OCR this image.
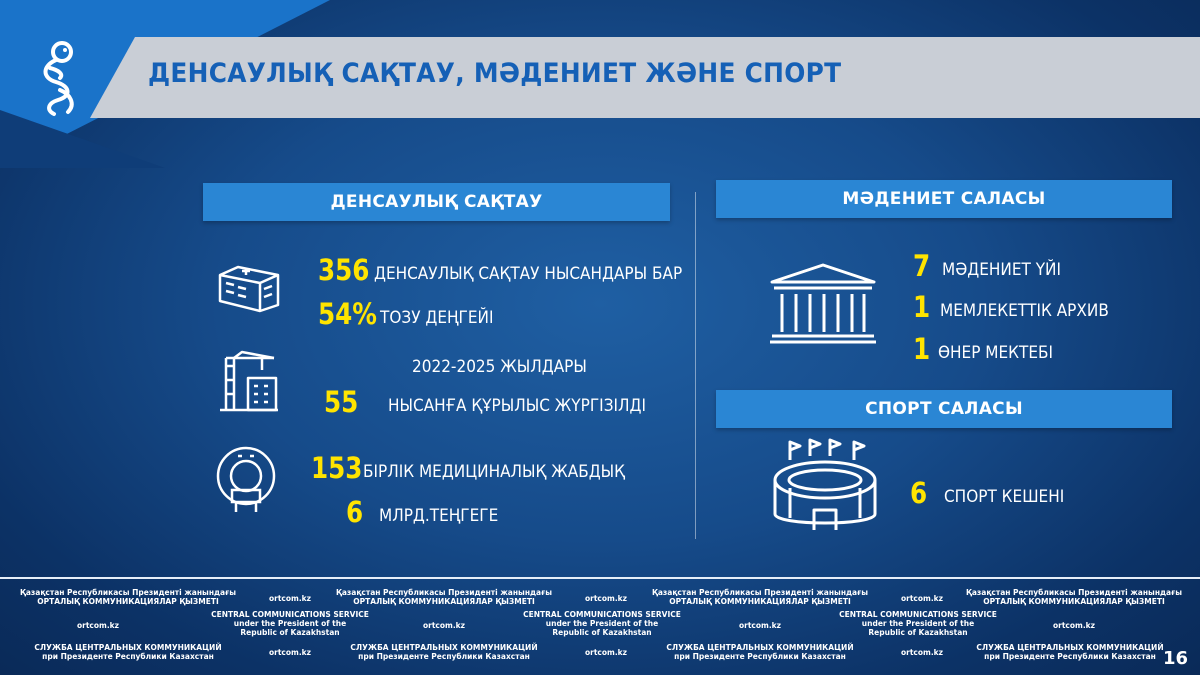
ДЕНСАУЛЫҚ САҚТАУ, МӘДЕНИЕТ ЖӘНЕ СПОРТ
ДЕНСАУЛЫҚ САҚТАУ	МӘДЕНИЕТ САЛАСЫ
СПОРТ САЛАСЫ
356 ДЕНСАУЛЫҚ САҚТАУ НЫСАНДАРЫ БАР
54% ТОЗУ ДЕҢГЕЙІ
2022-2025 ЖЫЛДАРЫ
55 НЫСАНҒА ҚҰРЫЛЫС ЖҮРГІЗІЛДІ
153 БІРЛІК МЕДИЦИНАЛЫҚ ЖАБДЫҚ
6 МЛРД.ТЕҢГЕГЕ
7 МӘДЕНИЕТ ҮЙІ
1 МЕМЛЕКЕТТІК АРХИВ
1 ӨНЕР МЕКТЕБІ
6 СПОРТ КЕШЕНІ
Қазақстан Республикасы Президенті жанындағы
ОРТАЛЫҚ КОММУНИКАЦИЯЛАР ҚЫЗМЕТІ
Қазақстан Республикасы Президенті жанындағы
ОРТАЛЫҚ КОММУНИКАЦИЯЛАР ҚЫЗМЕТІ
Қазақстан Республикасы Президенті жанындағы
ОРТАЛЫҚ КОММУНИКАЦИЯЛАР ҚЫЗМЕТІ
Қазақстан Республикасы Президенті жанындағы
ОРТАЛЫҚ КОММУНИКАЦИЯЛАР ҚЫЗМЕТІ
ortcom.kz	ortcom.kz	ortcom.kz
CENTRAL COMMUNICATIONS SERVICE
under the President of the
Republic of Kazakhstan
CENTRAL COMMUNICATIONS SERVICE
under the President of the
Republic of Kazakhstan
CENTRAL COMMUNICATIONS SERVICE
under the President of the
Republic of Kazakhstan
ortcom.kz	ortcom.kz	ortcom.kz	ortcom.kz
СЛУЖБА ЦЕНТРАЛЬНЫХ КОММУНИКАЦИЙ
при Президенте Республики Казахстан
СЛУЖБА ЦЕНТРАЛЬНЫХ КОММУНИКАЦИЙ
при Президенте Республики Казахстан
СЛУЖБА ЦЕНТРАЛЬНЫХ КОММУНИКАЦИЙ
при Президенте Республики Казахстан
СЛУЖБА ЦЕНТРАЛЬНЫХ КОММУНИКАЦИЙ
при Президенте Республики Казахстан
ortcom.kz	ortcom.kz	ortcom.kz	16
